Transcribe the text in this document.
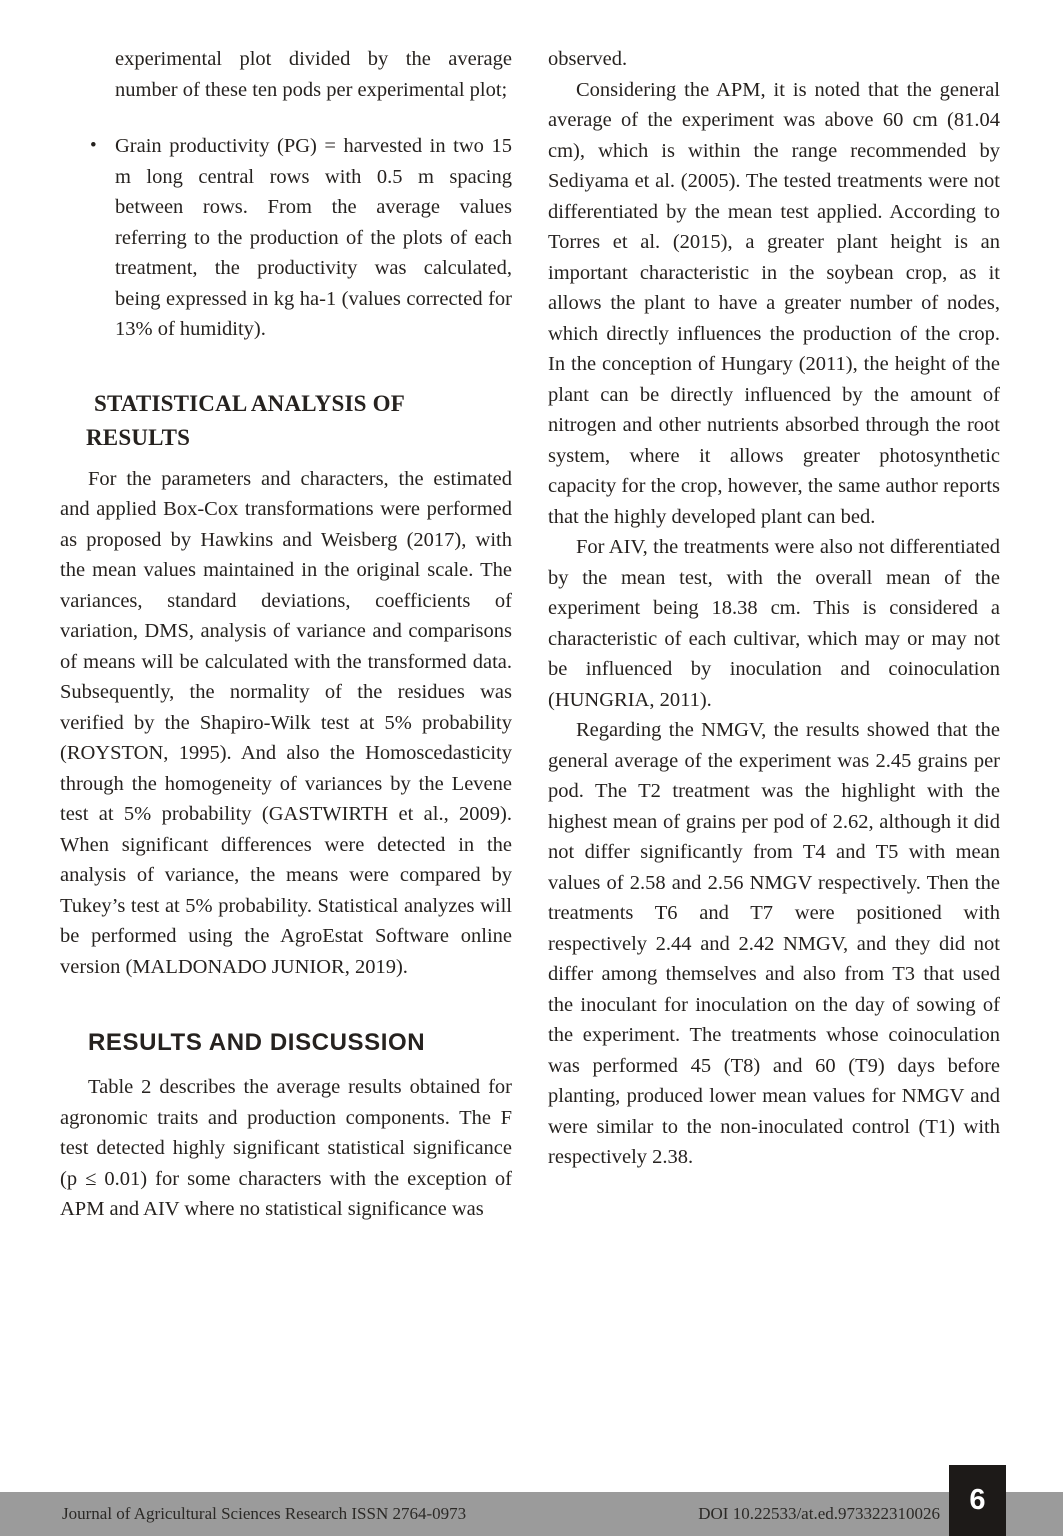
experimental plot divided by the average number of these ten pods per experimental plot;

• Grain productivity (PG) = harvested in two 15 m long central rows with 0.5 m spacing between rows. From the average values referring to the production of the plots of each treatment, the productivity was calculated, being expressed in kg ha-1 (values corrected for 13% of humidity).

STATISTICAL ANALYSIS OF RESULTS

For the parameters and characters, the estimated and applied Box-Cox transformations were performed as proposed by Hawkins and Weisberg (2017), with the mean values maintained in the original scale. The variances, standard deviations, coefficients of variation, DMS, analysis of variance and comparisons of means will be calculated with the transformed data. Subsequently, the normality of the residues was verified by the Shapiro-Wilk test at 5% probability (ROYSTON, 1995). And also the Homoscedasticity through the homogeneity of variances by the Levene test at 5% probability (GASTWIRTH et al., 2009). When significant differences were detected in the analysis of variance, the means were compared by Tukey’s test at 5% probability. Statistical analyzes will be performed using the AgroEstat Software online version (MALDONADO JUNIOR, 2019).

RESULTS AND DISCUSSION

Table 2 describes the average results obtained for agronomic traits and production components. The F test detected highly significant statistical significance (p ≤ 0.01) for some characters with the exception of APM and AIV where no statistical significance was

observed.

Considering the APM, it is noted that the general average of the experiment was above 60 cm (81.04 cm), which is within the range recommended by Sediyama et al. (2005). The tested treatments were not differentiated by the mean test applied. According to Torres et al. (2015), a greater plant height is an important characteristic in the soybean crop, as it allows the plant to have a greater number of nodes, which directly influences the production of the crop. In the conception of Hungary (2011), the height of the plant can be directly influenced by the amount of nitrogen and other nutrients absorbed through the root system, where it allows greater photosynthetic capacity for the crop, however, the same author reports that the highly developed plant can bed.

For AIV, the treatments were also not differentiated by the mean test, with the overall mean of the experiment being 18.38 cm. This is considered a characteristic of each cultivar, which may or may not be influenced by inoculation and coinoculation (HUNGRIA, 2011).

Regarding the NMGV, the results showed that the general average of the experiment was 2.45 grains per pod. The T2 treatment was the highlight with the highest mean of grains per pod of 2.62, although it did not differ significantly from T4 and T5 with mean values of 2.58 and 2.56 NMGV respectively. Then the treatments T6 and T7 were positioned with respectively 2.44 and 2.42 NMGV, and they did not differ among themselves and also from T3 that used the inoculant for inoculation on the day of sowing of the experiment. The treatments whose coinoculation was performed 45 (T8) and 60 (T9) days before planting, produced lower mean values for NMGV and were similar to the non-inoculated control (T1) with respectively 2.38.

Journal of Agricultural Sciences Research ISSN 2764-0973	DOI 10.22533/at.ed.973322310026 6
